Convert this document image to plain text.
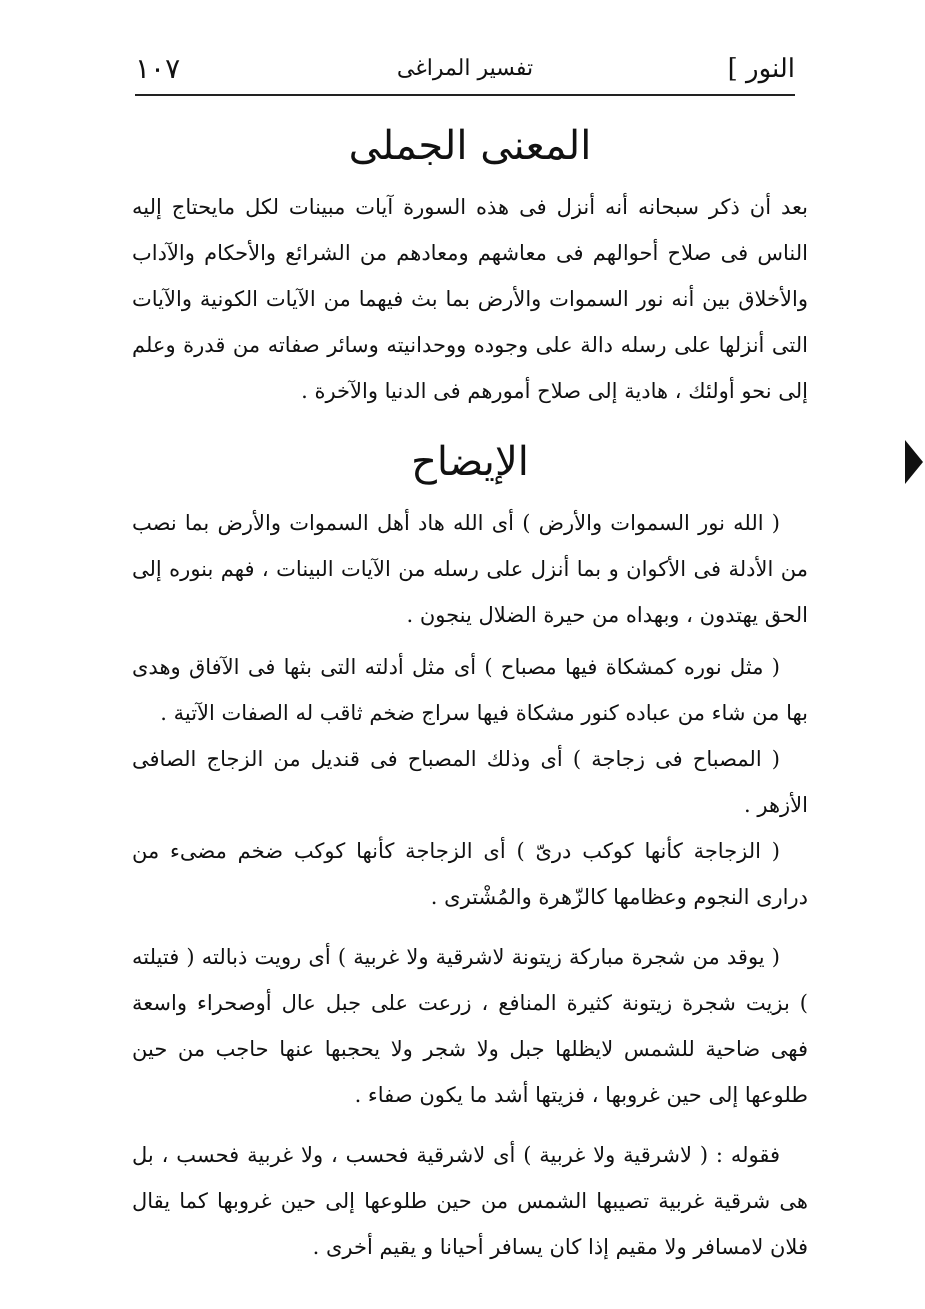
النور ]
تفسير المراغى
١٠٧
المعنى الجملى

بعد أن ذكر سبحانه أنه أنزل فى هذه السورة آيات مبينات لكل مايحتاج إليه الناس فى صلاح أحوالهم فى معاشهم ومعادهم من الشرائع والأحكام والآداب والأخلاق بين أنه نور السموات والأرض بما بث فيهما من الآيات الكونية والآيات التى أنزلها على رسله دالة على وجوده ووحدانيته وسائر صفاته من قدرة وعلم إلى نحو أولئك ، هادية إلى صلاح أمورهم فى الدنيا والآخرة .

الإيضاح

( الله نور السموات والأرض ) أى الله هاد أهل السموات والأرض بما نصب من الأدلة فى الأكوان و بما أنزل على رسله من الآيات البينات ، فهم بنوره إلى الحق يهتدون ، وبهداه من حيرة الضلال ينجون .

( مثل نوره كمشكاة فيها مصباح ) أى مثل أدلته التى بثها فى الآفاق وهدى بها من شاء من عباده كنور مشكاة فيها سراج ضخم ثاقب له الصفات الآتية .

( المصباح فى زجاجة ) أى وذلك المصباح فى قنديل من الزجاج الصافى الأزهر .

( الزجاجة كأنها كوكب درىّ ) أى الزجاجة كأنها كوكب ضخم مضىء من درارى النجوم وعظامها كالزّهرة والمُشْترى .

( يوقد من شجرة مباركة زيتونة لاشرقية ولا غربية ) أى رويت ذبالته ( فتيلته ) بزيت شجرة زيتونة كثيرة المنافع ، زرعت على جبل عال أوصحراء واسعة فهى ضاحية للشمس لايظلها جبل ولا شجر ولا يحجبها عنها حاجب من حين طلوعها إلى حين غروبها ، فزيتها أشد ما يكون صفاء .

فقوله : ( لاشرقية ولا غربية ) أى لاشرقية فحسب ، ولا غربية فحسب ، بل هى شرقية غربية تصيبها الشمس من حين طلوعها إلى حين غروبها كما يقال فلان لامسافر ولا مقيم إذا كان يسافر أحيانا و يقيم أخرى .
